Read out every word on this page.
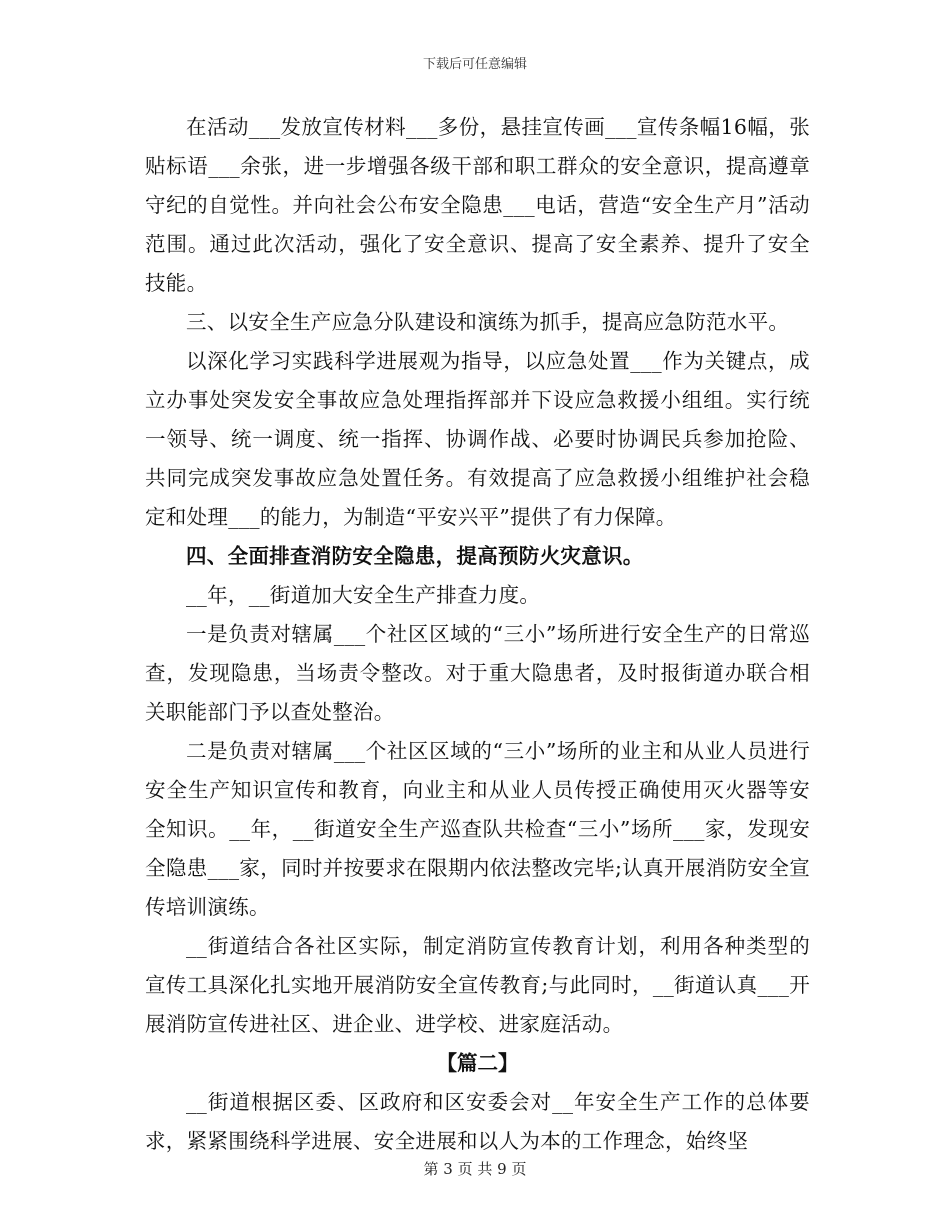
下载后可任意编辑

在活动___发放宣传材料___多份，悬挂宣传画___宣传条幅16幅，张贴标语___余张，进一步增强各级干部和职工群众的安全意识，提高遵章守纪的自觉性。并向社会公布安全隐患___电话，营造“安全生产月”活动范围。通过此次活动，强化了安全意识、提高了安全素养、提升了安全技能。

三、以安全生产应急分队建设和演练为抓手，提高应急防范水平。

以深化学习实践科学进展观为指导，以应急处置___作为关键点，成立办事处突发安全事故应急处理指挥部并下设应急救援小组组。实行统一领导、统一调度、统一指挥、协调作战、必要时协调民兵参加抢险、共同完成突发事故应急处置任务。有效提高了应急救援小组维护社会稳定和处理___的能力，为制造“平安兴平”提供了有力保障。

四、全面排查消防安全隐患，提高预防火灾意识。

__年，__街道加大安全生产排查力度。

一是负责对辖属___个社区区域的“三小”场所进行安全生产的日常巡查，发现隐患，当场责令整改。对于重大隐患者，及时报街道办联合相关职能部门予以查处整治。

二是负责对辖属___个社区区域的“三小”场所的业主和从业人员进行安全生产知识宣传和教育，向业主和从业人员传授正确使用灭火器等安全知识。__年，__街道安全生产巡查队共检查“三小”场所___家，发现安全隐患___家，同时并按要求在限期内依法整改完毕;认真开展消防安全宣传培训演练。

__街道结合各社区实际，制定消防宣传教育计划，利用各种类型的宣传工具深化扎实地开展消防安全宣传教育;与此同时，__街道认真___开展消防宣传进社区、进企业、进学校、进家庭活动。

【篇二】

__街道根据区委、区政府和区安委会对__年安全生产工作的总体要求，紧紧围绕科学进展、安全进展和以人为本的工作理念，始终坚

第 3 页 共 9 页
